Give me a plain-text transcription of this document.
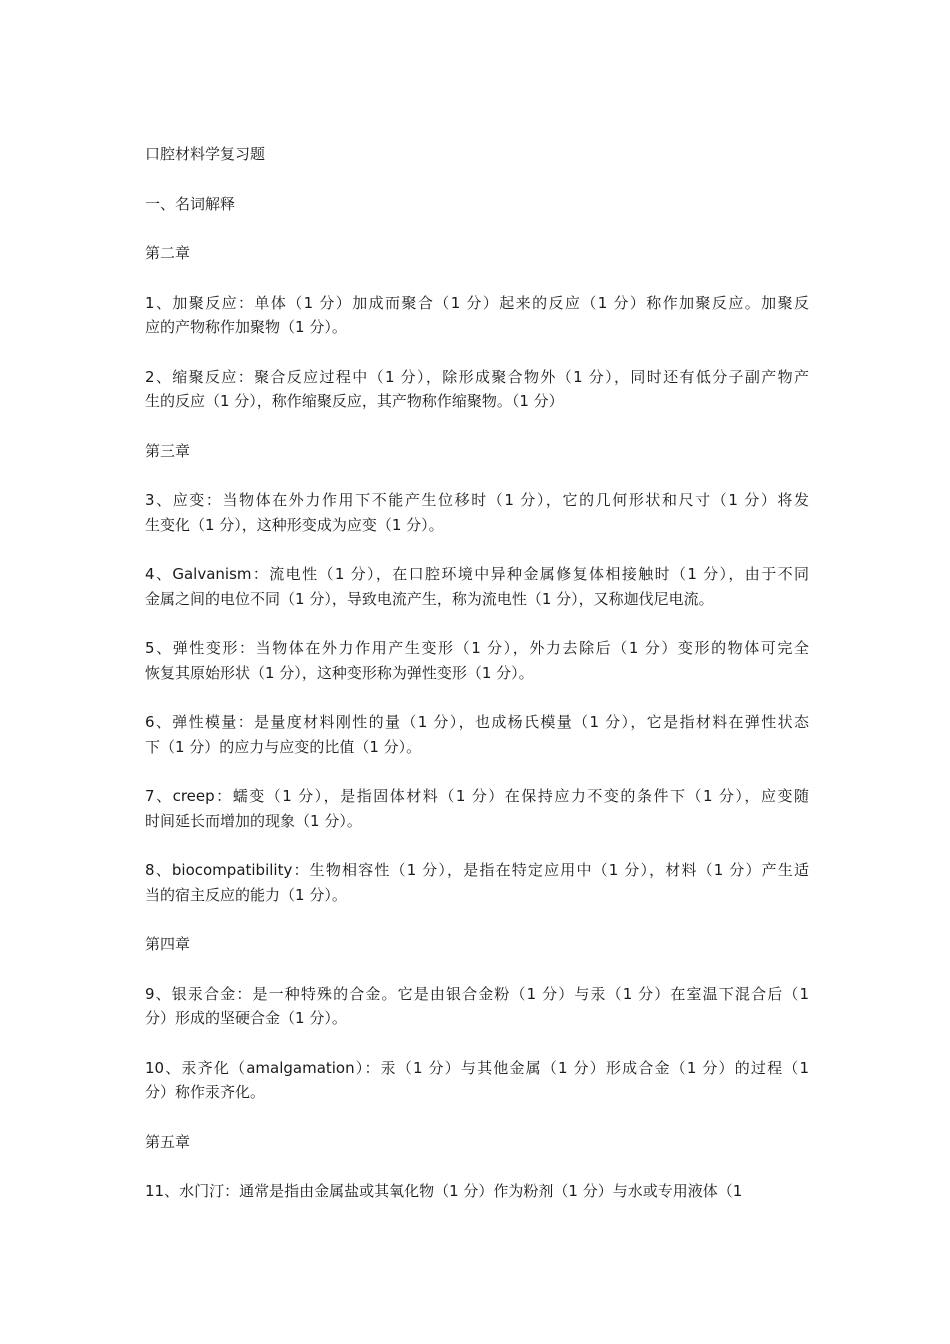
口腔材料学复习题
一、名词解释
第二章
1、加聚反应：单体（1 分）加成而聚合（1 分）起来的反应（1 分）称作加聚反应。加聚反
应的产物称作加聚物（1 分）。
2、缩聚反应：聚合反应过程中（1 分），除形成聚合物外（1 分），同时还有低分子副产物产
生的反应（1 分），称作缩聚反应，其产物称作缩聚物。（1 分）
第三章
3、应变：当物体在外力作用下不能产生位移时（1 分），它的几何形状和尺寸（1 分）将发
生变化（1 分），这种形变成为应变（1 分）。
4、Galvanism：流电性（1 分），在口腔环境中异种金属修复体相接触时（1 分），由于不同
金属之间的电位不同（1 分），导致电流产生，称为流电性（1 分），又称迦伐尼电流。
5、弹性变形：当物体在外力作用产生变形（1 分），外力去除后（1 分）变形的物体可完全
恢复其原始形状（1 分），这种变形称为弹性变形（1 分）。
6、弹性模量：是量度材料刚性的量（1 分），也成杨氏模量（1 分），它是指材料在弹性状态
下（1 分）的应力与应变的比值（1 分）。
7、creep：蠕变（1 分），是指固体材料（1 分）在保持应力不变的条件下（1 分），应变随
时间延长而增加的现象（1 分）。
8、biocompatibility：生物相容性（1 分），是指在特定应用中（1 分），材料（1 分）产生适
当的宿主反应的能力（1 分）。
第四章
9、银汞合金：是一种特殊的合金。它是由银合金粉（1 分）与汞（1 分）在室温下混合后（1
分）形成的坚硬合金（1 分）。
10、汞齐化（amalgamation）：汞（1 分）与其他金属（1 分）形成合金（1 分）的过程（1
分）称作汞齐化。
第五章
11、水门汀：通常是指由金属盐或其氧化物（1 分）作为粉剂（1 分）与水或专用液体（1
